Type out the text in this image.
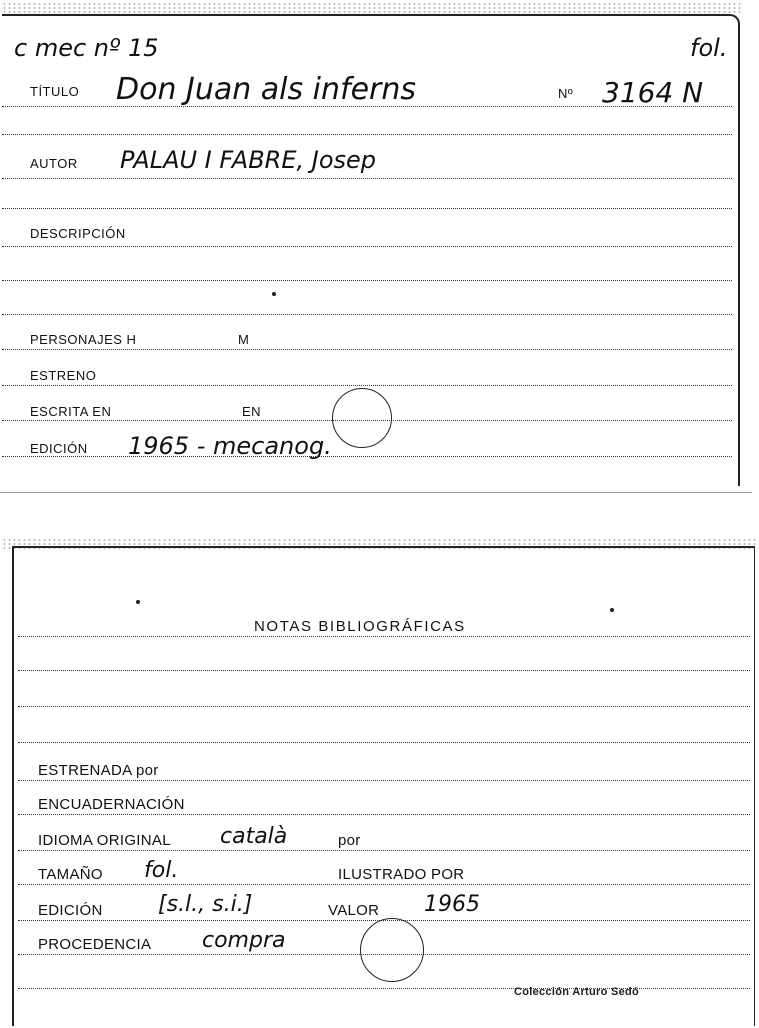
c mec nº 15	fol.
TÍTULO Don Juan als inferns	Nº 3164 N
AUTOR PALAU I FABRE, Josep
DESCRIPCIÓN
PERSONAJES H	M
ESTRENO
ESCRITA EN	EN
EDICIÓN 1965 - mecanog.
NOTAS BIBLIOGRÁFICAS
ESTRENADA por
ENCUADERNACIÓN
IDIOMA ORIGINAL català	por
TAMAÑO fol.	ILUSTRADO POR
EDICIÓN	[s.l., s.i.]	VALOR 1965
PROCEDENCIA compra
Colección Arturo Sedó
